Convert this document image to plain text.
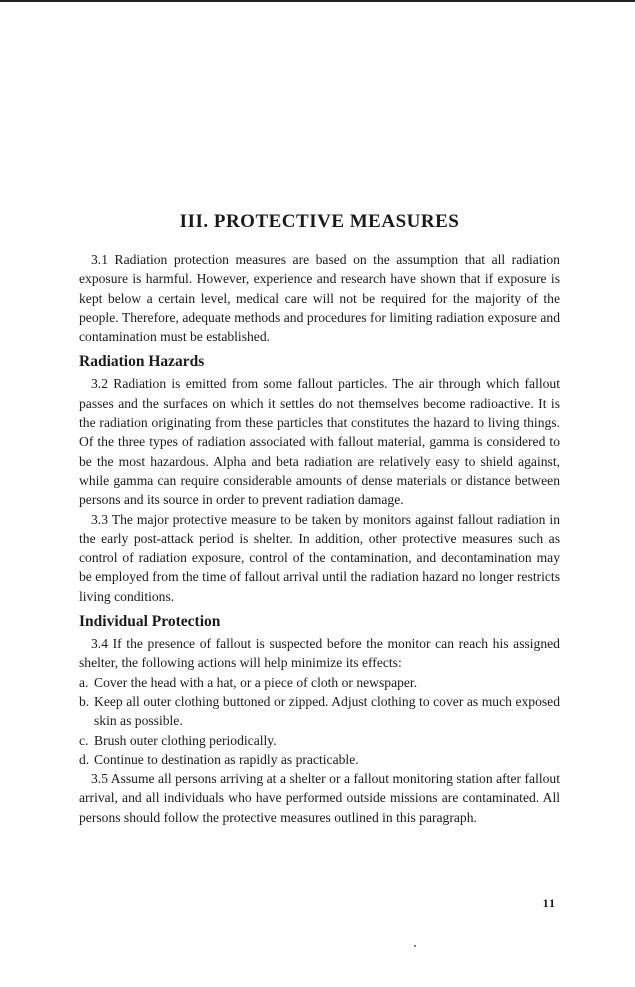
III. PROTECTIVE MEASURES

3.1 Radiation protection measures are based on the assumption that all radiation exposure is harmful. However, experience and research have shown that if exposure is kept below a certain level, medical care will not be required for the majority of the people. Therefore, adequate methods and procedures for limiting radiation exposure and contamination must be established.

Radiation Hazards

3.2 Radiation is emitted from some fallout particles. The air through which fallout passes and the surfaces on which it settles do not themselves become radioactive. It is the radiation originating from these particles that constitutes the hazard to living things. Of the three types of radiation associated with fallout material, gamma is considered to be the most hazardous. Alpha and beta radiation are relatively easy to shield against, while gamma can require considerable amounts of dense materials or distance between persons and its source in order to prevent radiation damage.

3.3 The major protective measure to be taken by monitors against fallout radiation in the early post-attack period is shelter. In addition, other protective measures such as control of radiation exposure, control of the contamination, and decontamination may be employed from the time of fallout arrival until the radiation hazard no longer restricts living conditions.

Individual Protection

3.4 If the presence of fallout is suspected before the monitor can reach his assigned shelter, the following actions will help minimize its effects:

a. Cover the head with a hat, or a piece of cloth or newspaper.

b. Keep all outer clothing buttoned or zipped. Adjust clothing to cover as much exposed skin as possible.

c. Brush outer clothing periodically.

d. Continue to destination as rapidly as practicable.

3.5 Assume all persons arriving at a shelter or a fallout monitoring station after fallout arrival, and all individuals who have performed outside missions are contaminated. All persons should follow the protective measures outlined in this paragraph.

11
